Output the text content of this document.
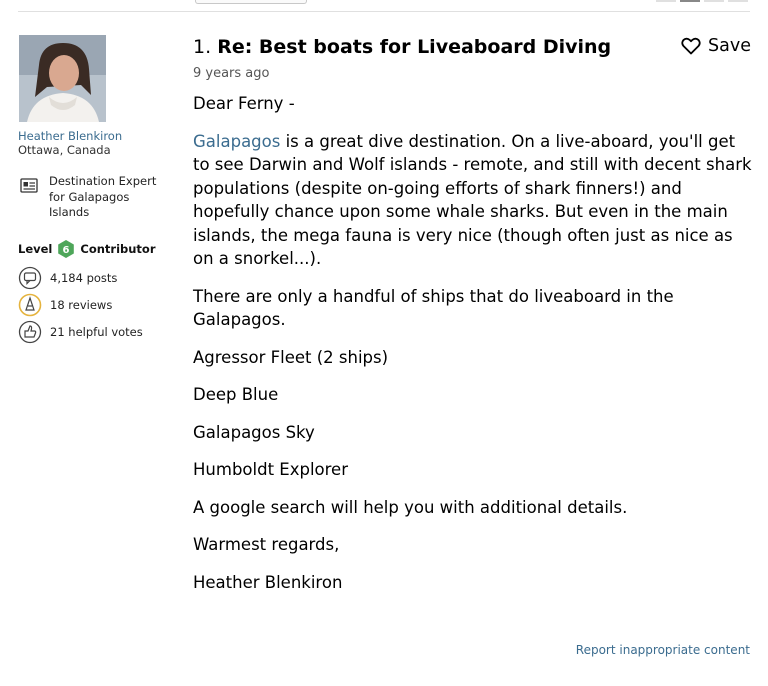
Heather Blenkiron
Ottawa, Canada
Destination Expert for Galapagos Islands
Level 6 Contributor
4,184 posts
18 reviews
21 helpful votes
1. Re: Best boats for Liveaboard Diving	Save
9 years ago

Dear Ferny -

Galapagos is a great dive destination. On a live-aboard, you'll get to see Darwin and Wolf islands - remote, and still with decent shark populations (despite on-going efforts of shark finners!) and hopefully chance upon some whale sharks. But even in the main islands, the mega fauna is very nice (though often just as nice as on a snorkel...).

There are only a handful of ships that do liveaboard in the Galapagos.

Agressor Fleet (2 ships)

Deep Blue

Galapagos Sky

Humboldt Explorer

A google search will help you with additional details.

Warmest regards,

Heather Blenkiron

Report inappropriate content
